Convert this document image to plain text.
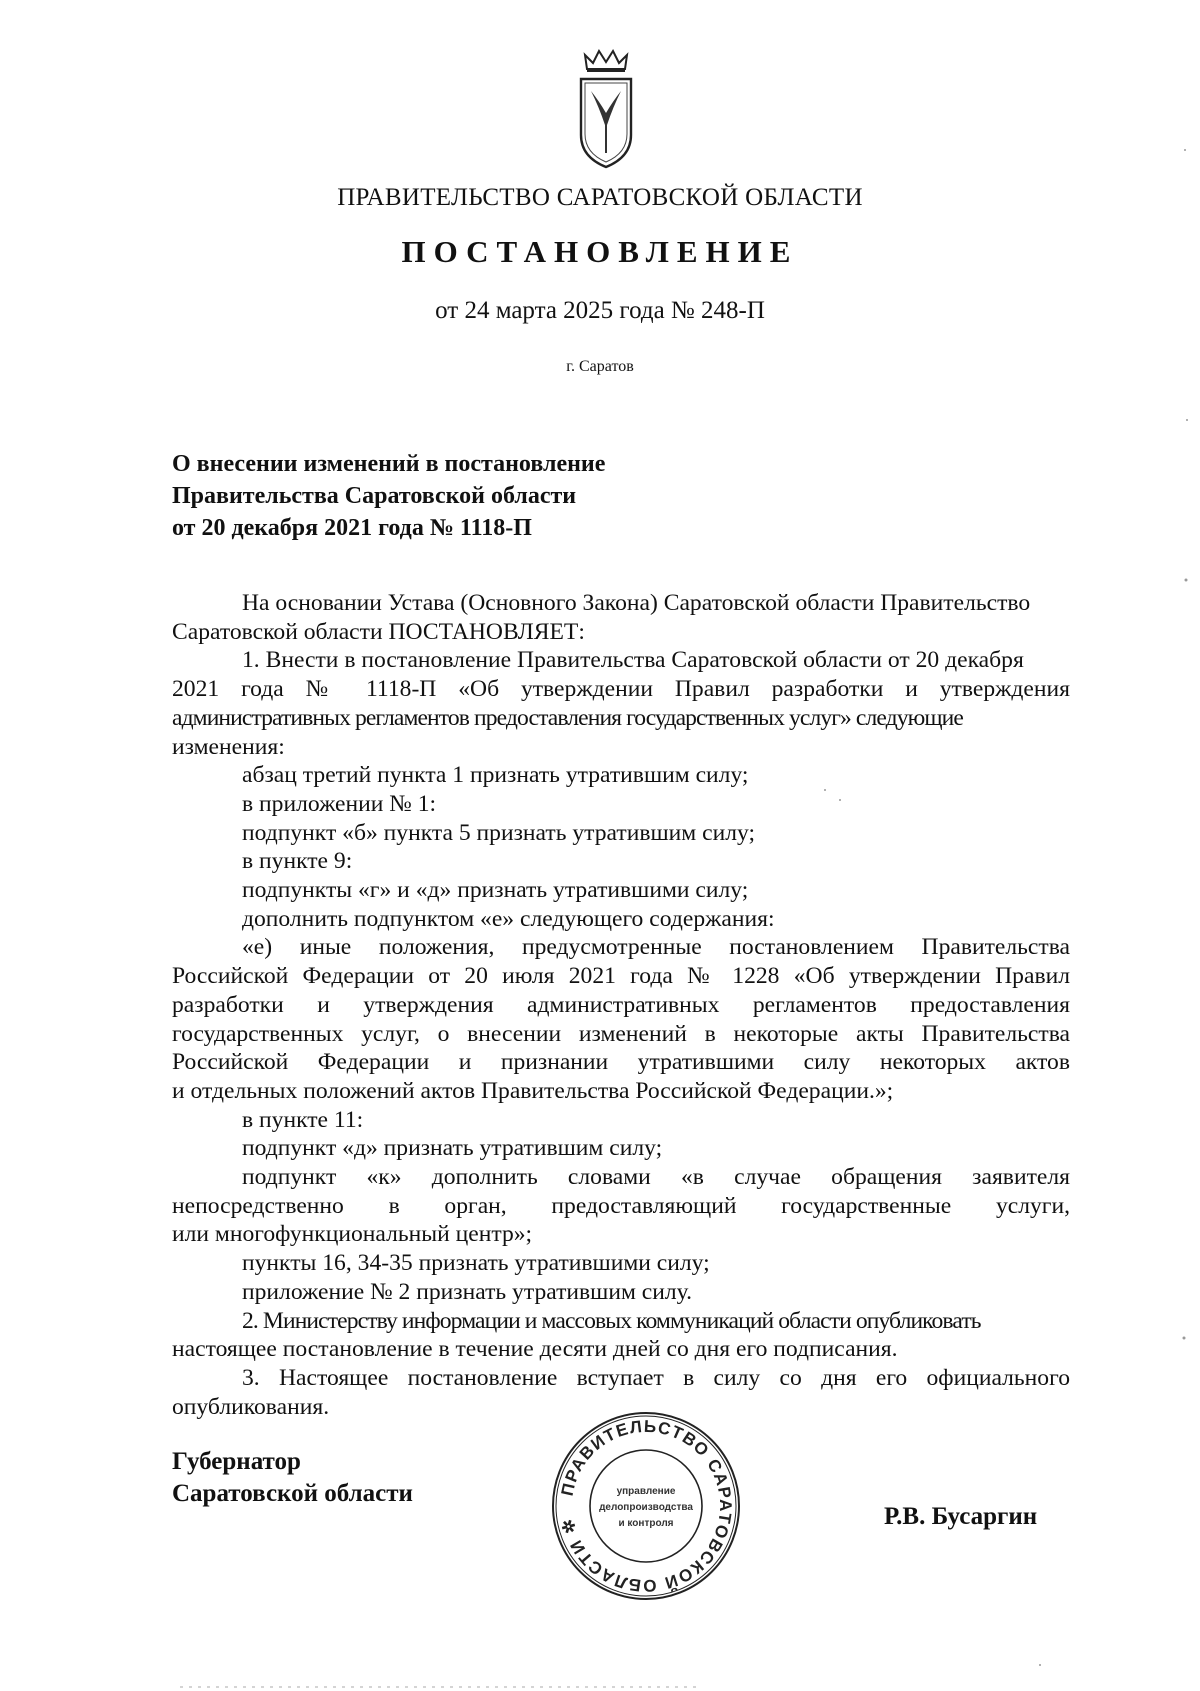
ПРАВИТЕЛЬСТВО САРАТОВСКОЙ ОБЛАСТИ
ПОСТАНОВЛЕНИЕ
от 24 марта 2025 года № 248-П
г. Саратов
О внесении изменений в постановление
Правительства Саратовской области
от 20 декабря 2021 года № 1118-П
На основании Устава (Основного Закона) Саратовской области Правительство
Саратовской области ПОСТАНОВЛЯЕТ:
1. Внести в постановление Правительства Саратовской области от 20 декабря
2021 года № 1118-П «Об утверждении Правил разработки и утверждения
административных регламентов предоставления государственных услуг» следующие
изменения:
абзац третий пункта 1 признать утратившим силу;
в приложении № 1:
подпункт «б» пункта 5 признать утратившим силу;
в пункте 9:
подпункты «г» и «д» признать утратившими силу;
дополнить подпунктом «е» следующего содержания:
«е) иные положения, предусмотренные постановлением Правительства
Российской Федерации от 20 июля 2021 года № 1228 «Об утверждении Правил
разработки и утверждения административных регламентов предоставления
государственных услуг, о внесении изменений в некоторые акты Правительства
Российской Федерации и признании утратившими силу некоторых актов
и отдельных положений актов Правительства Российской Федерации.»;
в пункте 11:
подпункт «д» признать утратившим силу;
подпункт «к» дополнить словами «в случае обращения заявителя
непосредственно в орган, предоставляющий государственные услуги,
или многофункциональный центр»;
пункты 16, 34-35 признать утратившими силу;
приложение № 2 признать утратившим силу.
2. Министерству информации и массовых коммуникаций области опубликовать
настоящее постановление в течение десяти дней со дня его подписания.
3. Настоящее постановление вступает в силу со дня его официального
опубликования.
Губернатор
Саратовской области	ПРАВИТЕЛЬСТВО САРАТОВСКОЙ ОБЛАСТИ ✲
управление
делопроизводства
и контроля	Р.В. Бусаргин
